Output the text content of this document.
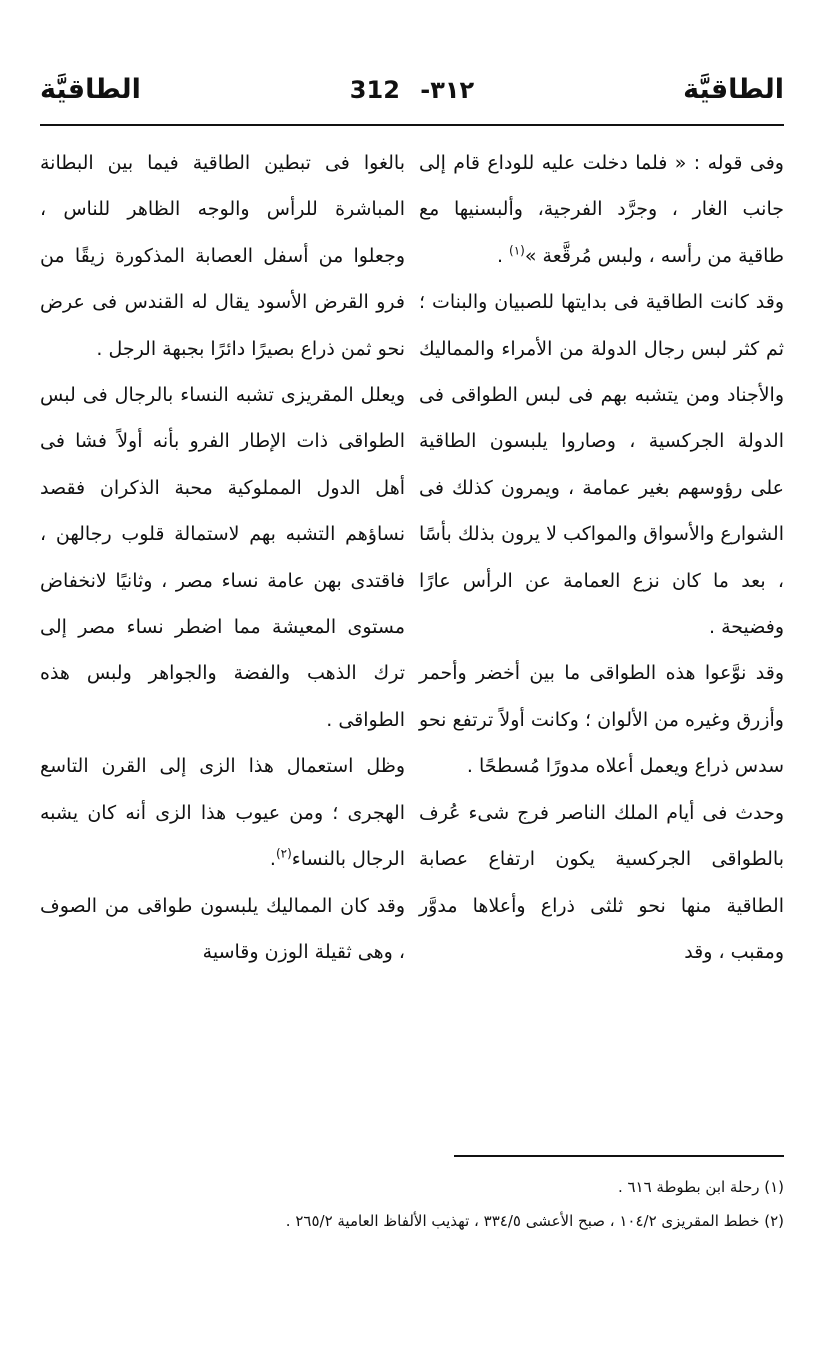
الطاقيَّة
312 -٣١٢
الطاقيَّة

وفى قوله : « فلما دخلت عليه للوداع قام إلى جانب الغار ، وجرَّد الفرجية، وألبسنيها مع طاقية من رأسه ، ولبس مُرقَّعة »$^{(١)}$ .

وقد كانت الطاقية فى بدايتها للصبيان والبنات ؛ ثم كثر لبس رجال الدولة من الأمراء والمماليك والأجناد ومن يتشبه بهم فى لبس الطواقى فى الدولة الجركسية ، وصاروا يلبسون الطاقية على رؤوسهم بغير عمامة ، ويمرون كذلك فى الشوارع والأسواق والمواكب لا يرون بذلك بأسًا ، بعد ما كان نزع العمامة عن الرأس عارًا وفضيحة .

وقد نوَّعوا هذه الطواقى ما بين أخضر وأحمر وأزرق وغيره من الألوان ؛ وكانت أولاً ترتفع نحو سدس ذراع ويعمل أعلاه مدورًا مُسطحًا .

وحدث فى أيام الملك الناصر فرج شىء عُرف بالطواقى الجركسية يكون ارتفاع عصابة الطاقية منها نحو ثلثى ذراع وأعلاها مدوَّر ومقبب ، وقد

بالغوا فى تبطين الطاقية فيما بين البطانة المباشرة للرأس والوجه الظاهر للناس ، وجعلوا من أسفل العصابة المذكورة زيقًا من فرو القرض الأسود يقال له القندس فى عرض نحو ثمن ذراع بصيرًا دائرًا بجبهة الرجل .

ويعلل المقريزى تشبه النساء بالرجال فى لبس الطواقى ذات الإطار الفرو بأنه أولاً فشا فى أهل الدول المملوكية محبة الذكران فقصد نساؤهم التشبه بهم لاستمالة قلوب رجالهن ، فاقتدى بهن عامة نساء مصر ، وثانيًا لانخفاض مستوى المعيشة مما اضطر نساء مصر إلى ترك الذهب والفضة والجواهر ولبس هذه الطواقى .

وظل استعمال هذا الزى إلى القرن التاسع الهجرى ؛ ومن عيوب هذا الزى أنه كان يشبه الرجال بالنساء$^{(٢)}$.

وقد كان المماليك يلبسون طواقى من الصوف ، وهى ثقيلة الوزن وقاسية

(١) رحلة ابن بطوطة ٦١٦ .

(٢) خطط المقريزى ١٠٤/٢ ، صبح الأعشى ٣٣٤/٥ ، تهذيب الألفاظ العامية ٢٦٥/٢ .
